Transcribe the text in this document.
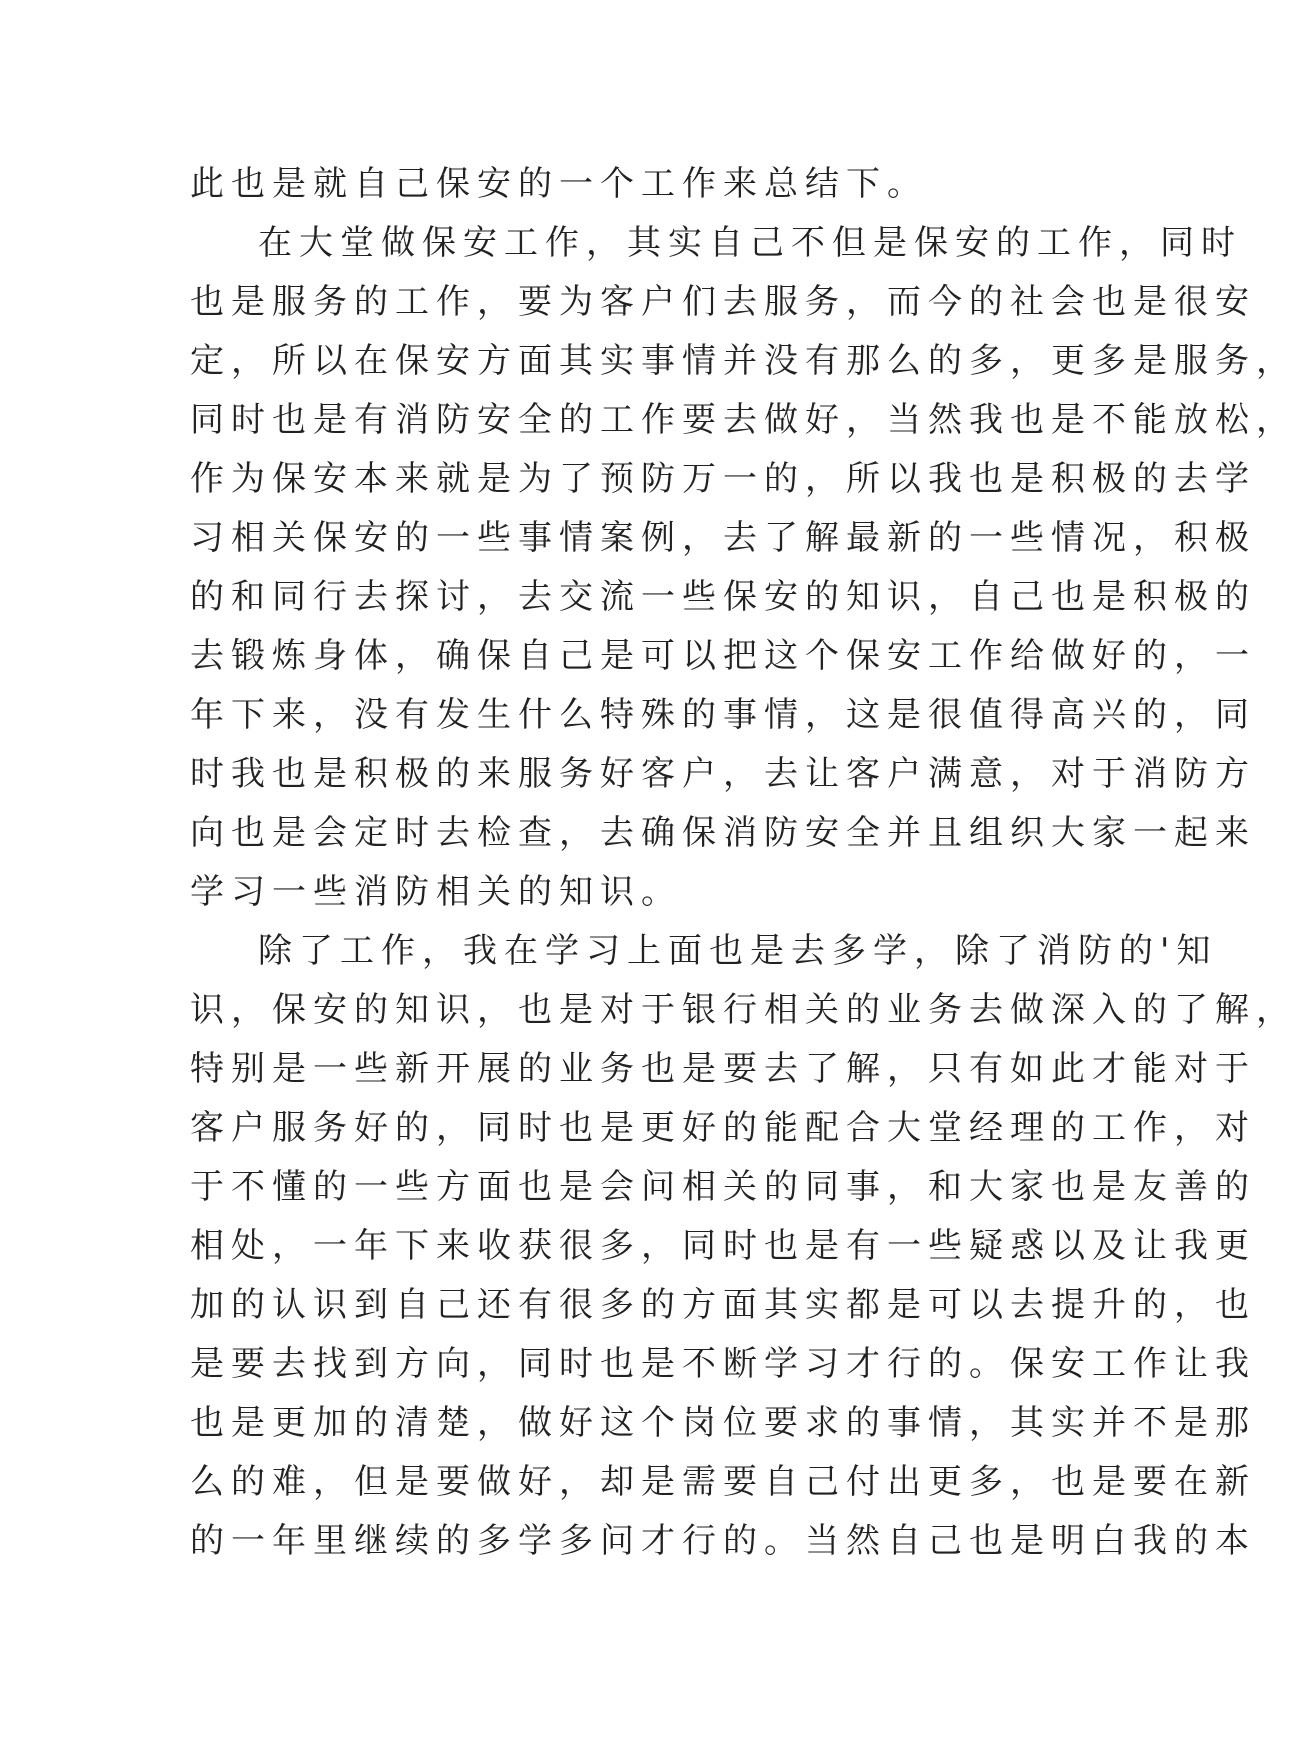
此也是就自己保安的一个工作来总结下。
在大堂做保安工作，其实自己不但是保安的工作，同时
也是服务的工作，要为客户们去服务，而今的社会也是很安
定，所以在保安方面其实事情并没有那么的多，更多是服务，
同时也是有消防安全的工作要去做好，当然我也是不能放松，
作为保安本来就是为了预防万一的，所以我也是积极的去学
习相关保安的一些事情案例，去了解最新的一些情况，积极
的和同行去探讨，去交流一些保安的知识，自己也是积极的
去锻炼身体，确保自己是可以把这个保安工作给做好的，一
年下来，没有发生什么特殊的事情，这是很值得高兴的，同
时我也是积极的来服务好客户，去让客户满意，对于消防方
向也是会定时去检查，去确保消防安全并且组织大家一起来
学习一些消防相关的知识。
除了工作，我在学习上面也是去多学，除了消防的'知
识，保安的知识，也是对于银行相关的业务去做深入的了解，
特别是一些新开展的业务也是要去了解，只有如此才能对于
客户服务好的，同时也是更好的能配合大堂经理的工作，对
于不懂的一些方面也是会问相关的同事，和大家也是友善的
相处，一年下来收获很多，同时也是有一些疑惑以及让我更
加的认识到自己还有很多的方面其实都是可以去提升的，也
是要去找到方向，同时也是不断学习才行的。保安工作让我
也是更加的清楚，做好这个岗位要求的事情，其实并不是那
么的难，但是要做好，却是需要自己付出更多，也是要在新
的一年里继续的多学多问才行的。当然自己也是明白我的本
